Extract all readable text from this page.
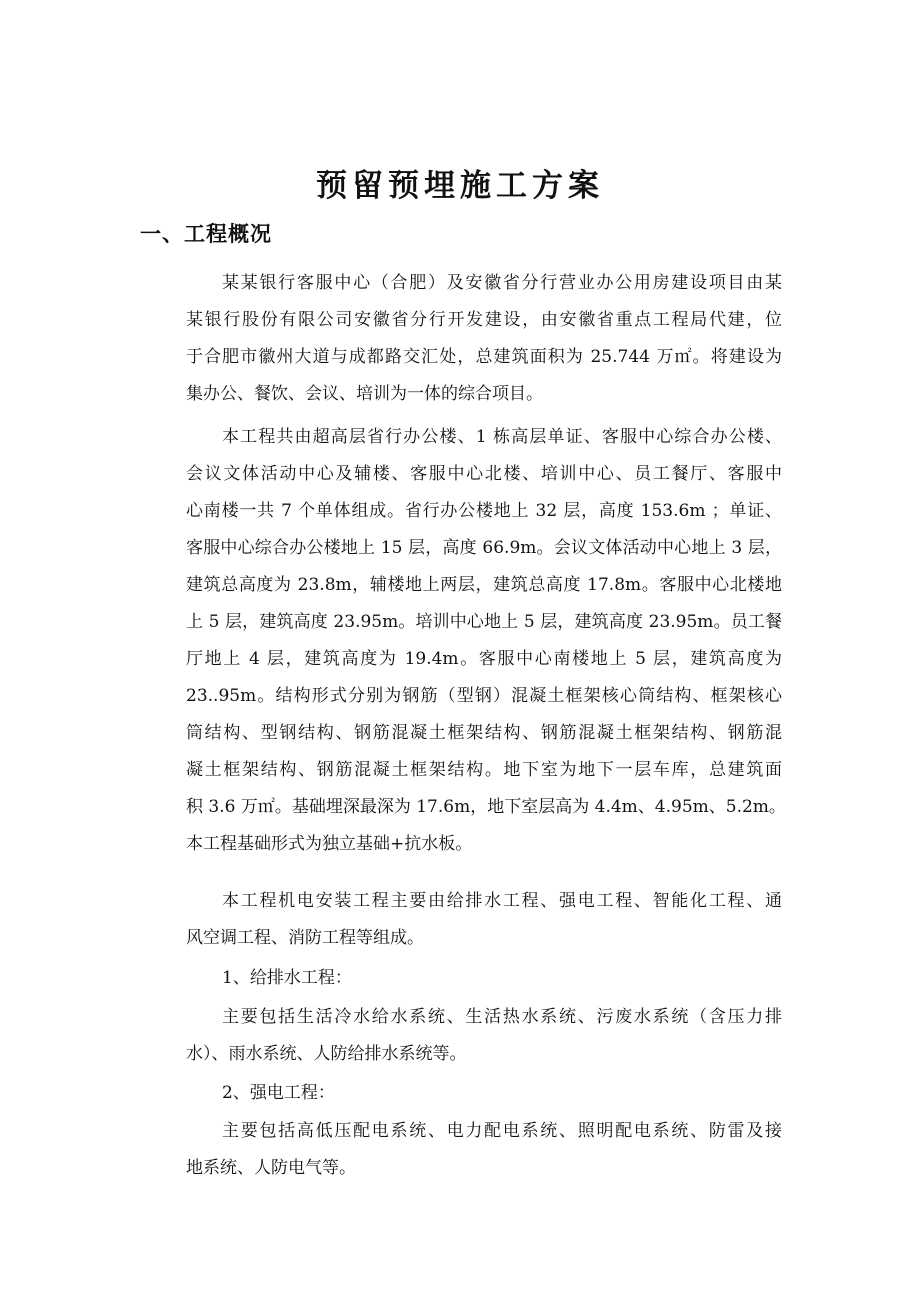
预留预埋施工方案
一、工程概况
某某银行客服中心（合肥）及安徽省分行营业办公用房建设项目由某
某银行股份有限公司安徽省分行开发建设，由安徽省重点工程局代建，位
于合肥市徽州大道与成都路交汇处，总建筑面积为 25.744 万㎡。将建设为
集办公、餐饮、会议、培训为一体的综合项目。
本工程共由超高层省行办公楼、1 栋高层单证、客服中心综合办公楼、
会议文体活动中心及辅楼、客服中心北楼、培训中心、员工餐厅、客服中
心南楼一共 7 个单体组成。省行办公楼地上 32 层，高度 153.6m ；单证、
客服中心综合办公楼地上 15 层，高度 66.9m。会议文体活动中心地上 3 层，
建筑总高度为 23.8m，辅楼地上两层，建筑总高度 17.8m。客服中心北楼地
上 5 层，建筑高度 23.95m。培训中心地上 5 层，建筑高度 23.95m。员工餐
厅地上 4 层，建筑高度为 19.4m。客服中心南楼地上 5 层，建筑高度为
23..95m。结构形式分别为钢筋（型钢）混凝土框架核心筒结构、框架核心
筒结构、型钢结构、钢筋混凝土框架结构、钢筋混凝土框架结构、钢筋混
凝土框架结构、钢筋混凝土框架结构。地下室为地下一层车库，总建筑面
积 3.6 万㎡。基础埋深最深为 17.6m，地下室层高为 4.4m、4.95m、5.2m。
本工程基础形式为独立基础+抗水板。
本工程机电安装工程主要由给排水工程、强电工程、智能化工程、通
风空调工程、消防工程等组成。
1、给排水工程：
主要包括生活冷水给水系统、生活热水系统、污废水系统（含压力排
水）、雨水系统、人防给排水系统等。
2、强电工程：
主要包括高低压配电系统、电力配电系统、照明配电系统、防雷及接
地系统、人防电气等。
